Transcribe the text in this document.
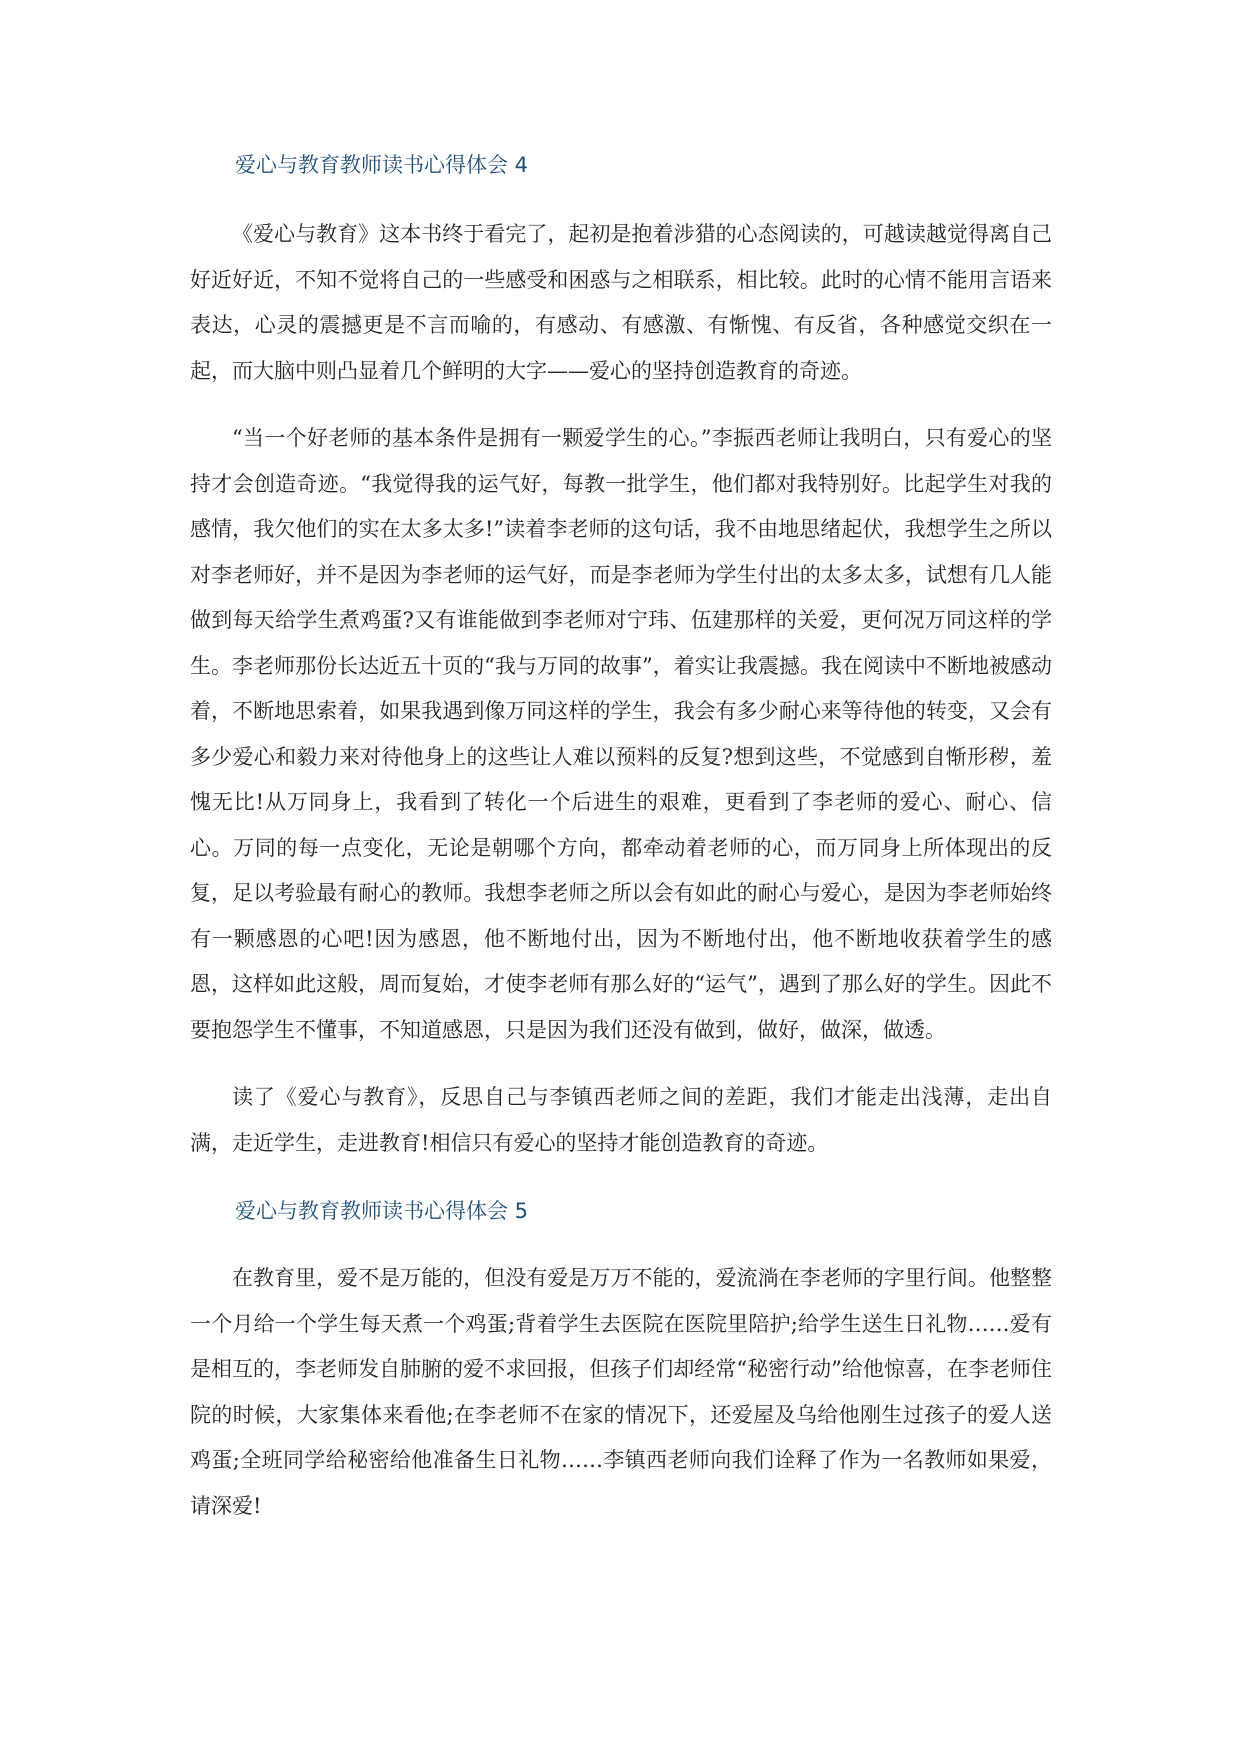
爱心与教育教师读书心得体会 4

《爱心与教育》这本书终于看完了，起初是抱着涉猎的心态阅读的，可越读越觉得离自己好近好近，不知不觉将自己的一些感受和困惑与之相联系，相比较。此时的心情不能用言语来表达，心灵的震撼更是不言而喻的，有感动、有感激、有惭愧、有反省，各种感觉交织在一起，而大脑中则凸显着几个鲜明的大字——爱心的坚持创造教育的奇迹。

“当一个好老师的基本条件是拥有一颗爱学生的心。”李振西老师让我明白，只有爱心的坚持才会创造奇迹。“我觉得我的运气好，每教一批学生，他们都对我特别好。比起学生对我的感情，我欠他们的实在太多太多!”读着李老师的这句话，我不由地思绪起伏，我想学生之所以对李老师好，并不是因为李老师的运气好，而是李老师为学生付出的太多太多，试想有几人能做到每天给学生煮鸡蛋?又有谁能做到李老师对宁玮、伍建那样的关爱，更何况万同这样的学生。李老师那份长达近五十页的“我与万同的故事”，着实让我震撼。我在阅读中不断地被感动着，不断地思索着，如果我遇到像万同这样的学生，我会有多少耐心来等待他的转变，又会有多少爱心和毅力来对待他身上的这些让人难以预料的反复?想到这些，不觉感到自惭形秽，羞愧无比!从万同身上，我看到了转化一个后进生的艰难，更看到了李老师的爱心、耐心、信心。万同的每一点变化，无论是朝哪个方向，都牵动着老师的心，而万同身上所体现出的反复，足以考验最有耐心的教师。我想李老师之所以会有如此的耐心与爱心，是因为李老师始终有一颗感恩的心吧!因为感恩，他不断地付出，因为不断地付出，他不断地收获着学生的感恩，这样如此这般，周而复始，才使李老师有那么好的“运气”，遇到了那么好的学生。因此不要抱怨学生不懂事，不知道感恩，只是因为我们还没有做到，做好，做深，做透。

读了《爱心与教育》，反思自己与李镇西老师之间的差距，我们才能走出浅薄，走出自满，走近学生，走进教育!相信只有爱心的坚持才能创造教育的奇迹。

爱心与教育教师读书心得体会 5

在教育里，爱不是万能的，但没有爱是万万不能的，爱流淌在李老师的字里行间。他整整一个月给一个学生每天煮一个鸡蛋;背着学生去医院在医院里陪护;给学生送生日礼物……爱有是相互的，李老师发自肺腑的爱不求回报，但孩子们却经常“秘密行动”给他惊喜，在李老师住院的时候，大家集体来看他;在李老师不在家的情况下，还爱屋及乌给他刚生过孩子的爱人送鸡蛋;全班同学给秘密给他准备生日礼物……李镇西老师向我们诠释了作为一名教师如果爱，请深爱!
